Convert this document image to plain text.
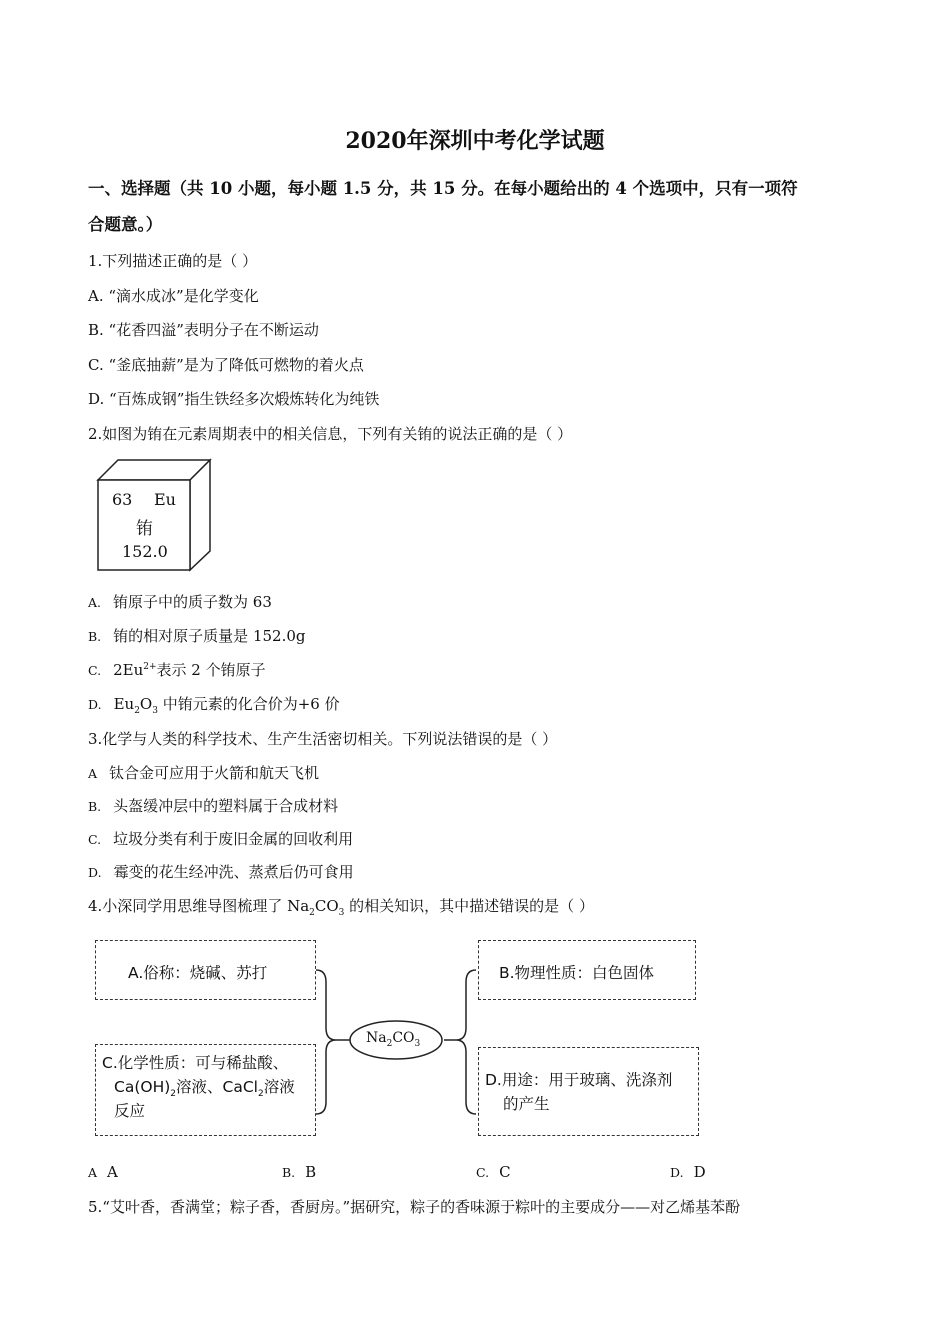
2020年深圳中考化学试题
一、选择题（共 10 小题，每小题 1.5 分，共 15 分。在每小题给出的 4 个选项中，只有一项符
合题意。）
1.下列描述正确的是（ ）
A. “滴水成冰”是化学变化
B. “花香四溢”表明分子在不断运动
C. “釜底抽薪”是为了降低可燃物的着火点
D. “百炼成钢”指生铁经多次煅炼转化为纯铁
2.如图为铕在元素周期表中的相关信息，下列有关铕的说法正确的是（ ）
63 Eu
铕
152.0
A. 铕原子中的质子数为 63
B. 铕的相对原子质量是 152.0g
C. $2Eu^{2+}$表示 2 个铕原子
D. $Eu_2O_3$ 中铕元素的化合价为+6 价
3.化学与人类的科学技术、生产生活密切相关。下列说法错误的是（ ）
A 钛合金可应用于火箭和航天飞机
B. 头盔缓冲层中的塑料属于合成材料
C. 垃圾分类有利于废旧金属的回收利用
D. 霉变的花生经冲洗、蒸煮后仍可食用
4.小深同学用思维导图梳理了 $Na_2CO_3$ 的相关知识，其中描述错误的是（ ）
$Na_2CO_3$
A.俗称：烧碱、苏打	B.物理性质：白色固体
C.化学性质：可与稀盐酸、
$Ca(OH)_2$溶液、CaCl$_2$溶液
反应
D.用途：用于玻璃、洗涤剂
的产生
A A	B. B	C. C	D. D
5.“艾叶香，香满堂；粽子香，香厨房。”据研究，粽子的香味源于粽叶的主要成分——对乙烯基苯酚
